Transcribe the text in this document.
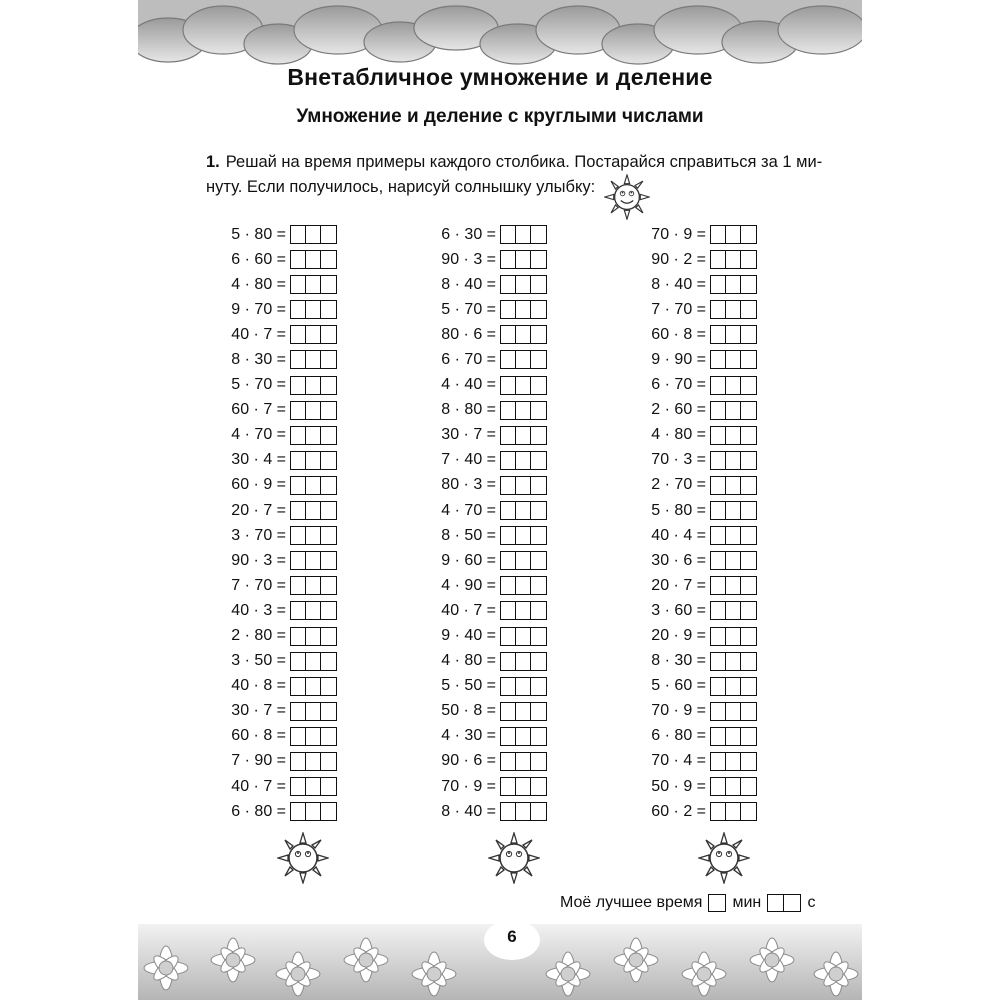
Внетабличное умножение и деление
Умножение и деление с круглыми числами
1. Решай на время примеры каждого столбика. Постарайся справиться за 1 ми-
нуту. Если получилось, нарисуй солнышку улыбку:
5 · 80 =
6 · 60 =
4 · 80 =
9 · 70 =
40 · 7 =
8 · 30 =
5 · 70 =
60 · 7 =
4 · 70 =
30 · 4 =
60 · 9 =
20 · 7 =
3 · 70 =
90 · 3 =
7 · 70 =
40 · 3 =
2 · 80 =
3 · 50 =
40 · 8 =
30 · 7 =
60 · 8 =
7 · 90 =
40 · 7 =
6 · 80 =
6 · 30 =
90 · 3 =
8 · 40 =
5 · 70 =
80 · 6 =
6 · 70 =
4 · 40 =
8 · 80 =
30 · 7 =
7 · 40 =
80 · 3 =
4 · 70 =
8 · 50 =
9 · 60 =
4 · 90 =
40 · 7 =
9 · 40 =
4 · 80 =
5 · 50 =
50 · 8 =
4 · 30 =
90 · 6 =
70 · 9 =
8 · 40 =
70 · 9 =
90 · 2 =
8 · 40 =
7 · 70 =
60 · 8 =
9 · 90 =
6 · 70 =
2 · 60 =
4 · 80 =
70 · 3 =
2 · 70 =
5 · 80 =
40 · 4 =
30 · 6 =
20 · 7 =
3 · 60 =
20 · 9 =
8 · 30 =
5 · 60 =
70 · 9 =
6 · 80 =
70 · 4 =
50 · 9 =
60 · 2 =
Моё лучшее время мин	с
6
